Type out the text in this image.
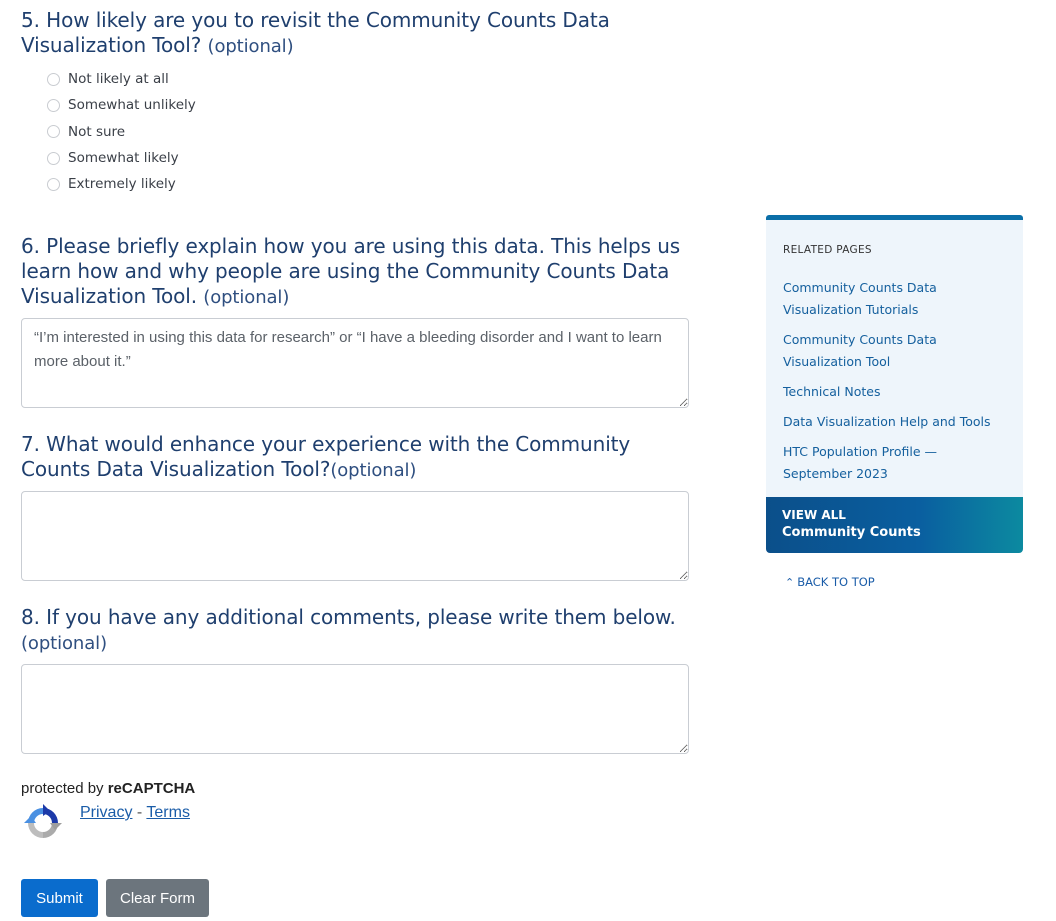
5. How likely are you to revisit the Community Counts Data Visualization Tool? (optional)
Not likely at all
Somewhat unlikely
Not sure
Somewhat likely
Extremely likely
6. Please briefly explain how you are using this data. This helps us learn how and why people are using the Community Counts Data Visualization Tool. (optional)
“I’m interested in using this data for research” or “I have a bleeding disorder and I want to learn more about it.”
7. What would enhance your experience with the Community Counts Data Visualization Tool?(optional)
8. If you have any additional comments, please write them below. (optional)
protected by reCAPTCHA
Privacy - Terms
Submit	Clear Form
RELATED PAGES
Community Counts Data Visualization Tutorials
Community Counts Data Visualization Tool
Technical Notes
Data Visualization Help and Tools
HTC Population Profile — September 2023
VIEW ALL
Community Counts
⌃ BACK TO TOP
